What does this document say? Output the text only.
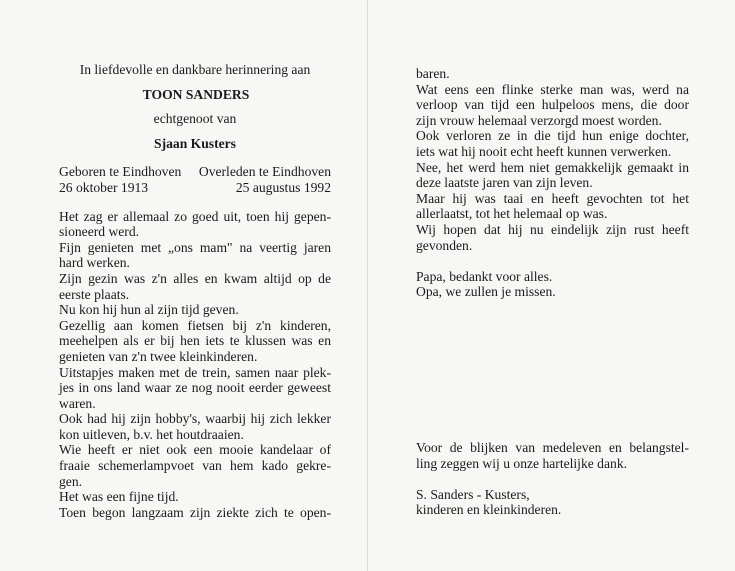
In liefdevolle en dankbare herinnering aan

TOON SANDERS

echtgenoot van

Sjaan Kusters

Geboren te Eindhoven Overleden te Eindhoven
26 oktober 1913	25 augustus 1992

Het zag er allemaal zo goed uit, toen hij gepen-

sioneerd werd.

Fijn genieten met „ons mam" na veertig jaren

hard werken.

Zijn gezin was z'n alles en kwam altijd op de

eerste plaats.

Nu kon hij hun al zijn tijd geven.

Gezellig aan komen fietsen bij z'n kinderen,

meehelpen als er bij hen iets te klussen was en

genieten van z'n twee kleinkinderen.

Uitstapjes maken met de trein, samen naar plek-

jes in ons land waar ze nog nooit eerder geweest

waren.

Ook had hij zijn hobby's, waarbij hij zich lekker

kon uitleven, b.v. het houtdraaien.

Wie heeft er niet ook een mooie kandelaar of

fraaie schemerlampvoet van hem kado gekre-

gen.

Het was een fijne tijd.

Toen begon langzaam zijn ziekte zich te open-

baren.

Wat eens een flinke sterke man was, werd na

verloop van tijd een hulpeloos mens, die door

zijn vrouw helemaal verzorgd moest worden.

Ook verloren ze in die tijd hun enige dochter,

iets wat hij nooit echt heeft kunnen verwerken.

Nee, het werd hem niet gemakkelijk gemaakt in

deze laatste jaren van zijn leven.

Maar hij was taai en heeft gevochten tot het

allerlaatst, tot het helemaal op was.

Wij hopen dat hij nu eindelijk zijn rust heeft

gevonden.

Papa, bedankt voor alles.

Opa, we zullen je missen.

Voor de blijken van medeleven en belangstel-

ling zeggen wij u onze hartelijke dank.

S. Sanders - Kusters,

kinderen en kleinkinderen.
